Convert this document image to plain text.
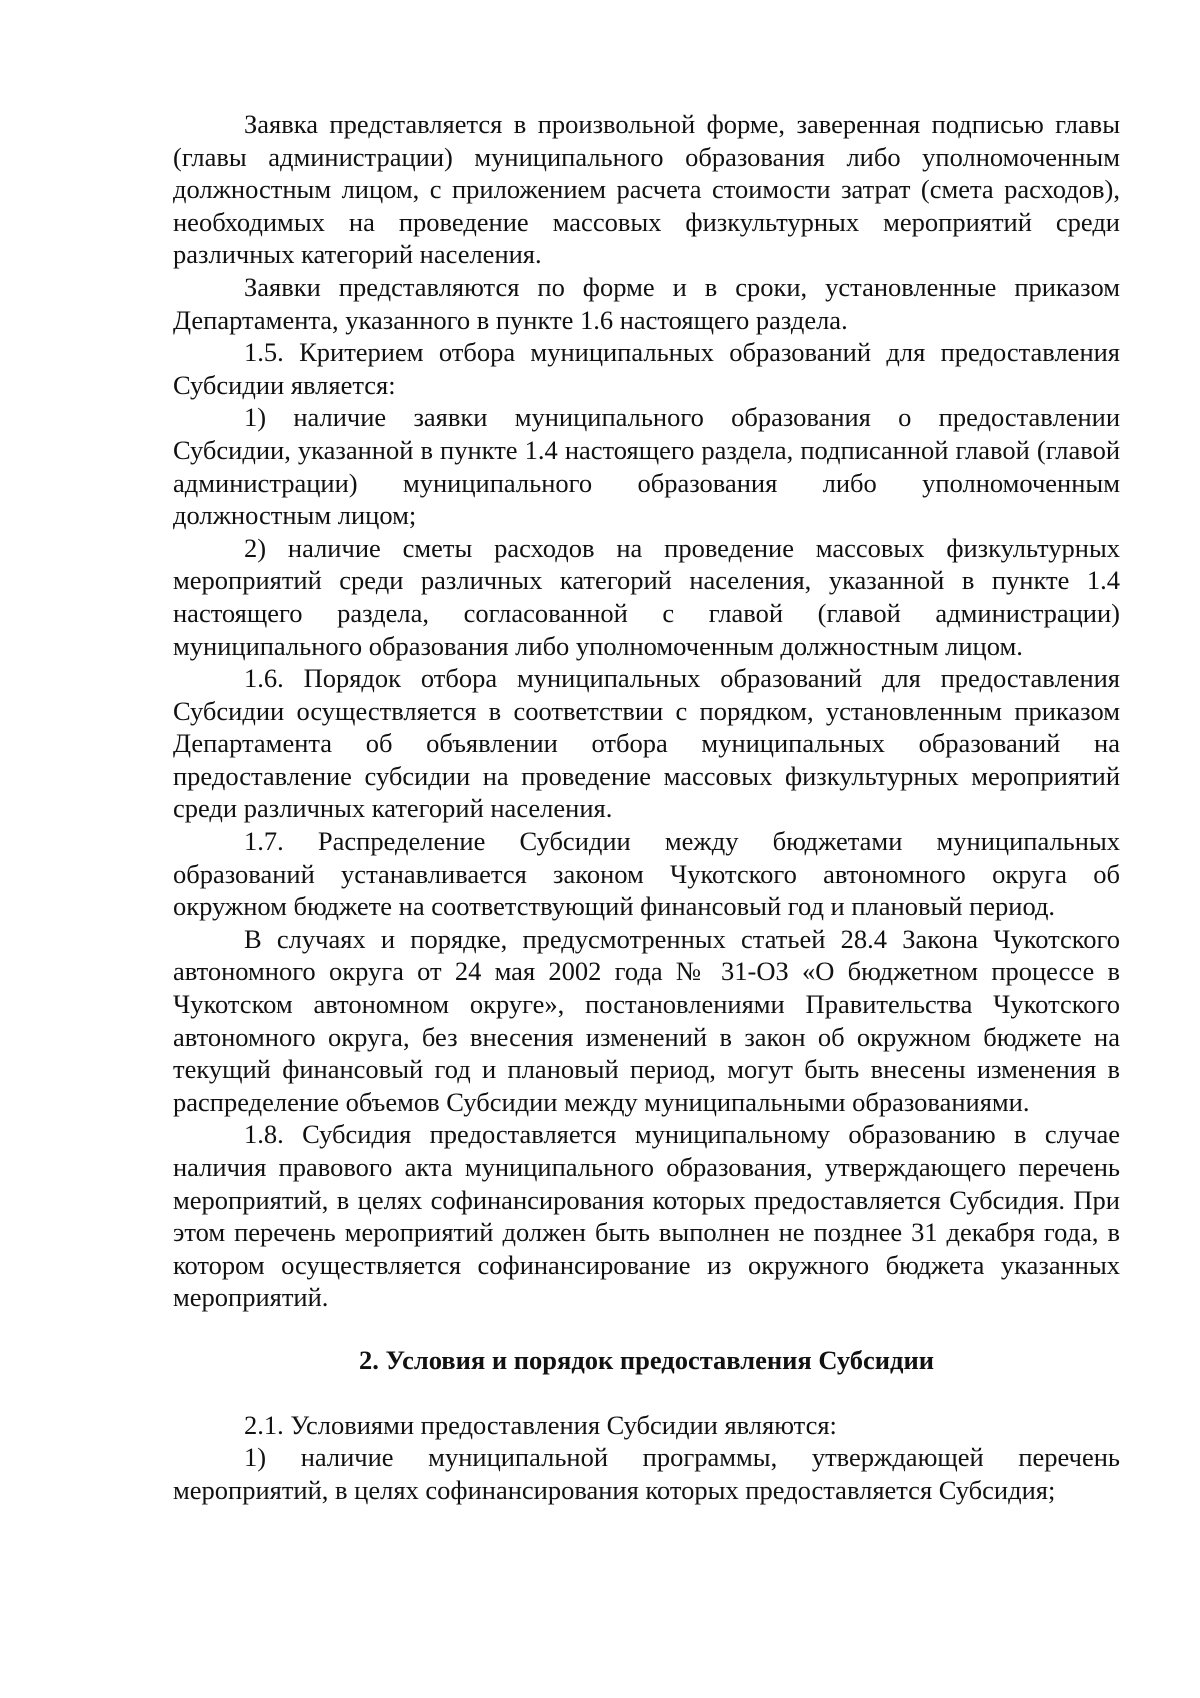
Заявка представляется в произвольной форме, заверенная подписью главы (главы администрации) муниципального образования либо уполномоченным должностным лицом, с приложением расчета стоимости затрат (смета расходов), необходимых на проведение массовых физкультурных мероприятий среди различных категорий населения.

Заявки представляются по форме и в сроки, установленные приказом Департамента, указанного в пункте 1.6 настоящего раздела.

1.5. Критерием отбора муниципальных образований для предоставления Субсидии является:

1) наличие заявки муниципального образования о предоставлении Субсидии, указанной в пункте 1.4 настоящего раздела, подписанной главой (главой администрации) муниципального образования либо уполномоченным должностным лицом;

2) наличие сметы расходов на проведение массовых физкультурных мероприятий среди различных категорий населения, указанной в пункте 1.4 настоящего раздела, согласованной с главой (главой администрации) муниципального образования либо уполномоченным должностным лицом.

1.6. Порядок отбора муниципальных образований для предоставления Субсидии осуществляется в соответствии с порядком, установленным приказом Департамента об объявлении отбора муниципальных образований на предоставление субсидии на проведение массовых физкультурных мероприятий среди различных категорий населения.

1.7. Распределение Субсидии между бюджетами муниципальных образований устанавливается законом Чукотского автономного округа об окружном бюджете на соответствующий финансовый год и плановый период.

В случаях и порядке, предусмотренных статьей 28.4 Закона Чукотского автономного округа от 24 мая 2002 года № 31-ОЗ «О бюджетном процессе в Чукотском автономном округе», постановлениями Правительства Чукотского автономного округа, без внесения изменений в закон об окружном бюджете на текущий финансовый год и плановый период, могут быть внесены изменения в распределение объемов Субсидии между муниципальными образованиями.

1.8. Субсидия предоставляется муниципальному образованию в случае наличия правового акта муниципального образования, утверждающего перечень мероприятий, в целях софинансирования которых предоставляется Субсидия. При этом перечень мероприятий должен быть выполнен не позднее 31 декабря года, в котором осуществляется софинансирование из окружного бюджета указанных мероприятий.

2. Условия и порядок предоставления Субсидии

2.1. Условиями предоставления Субсидии являются:

1) наличие муниципальной программы, утверждающей перечень мероприятий, в целях софинансирования которых предоставляется Субсидия;
